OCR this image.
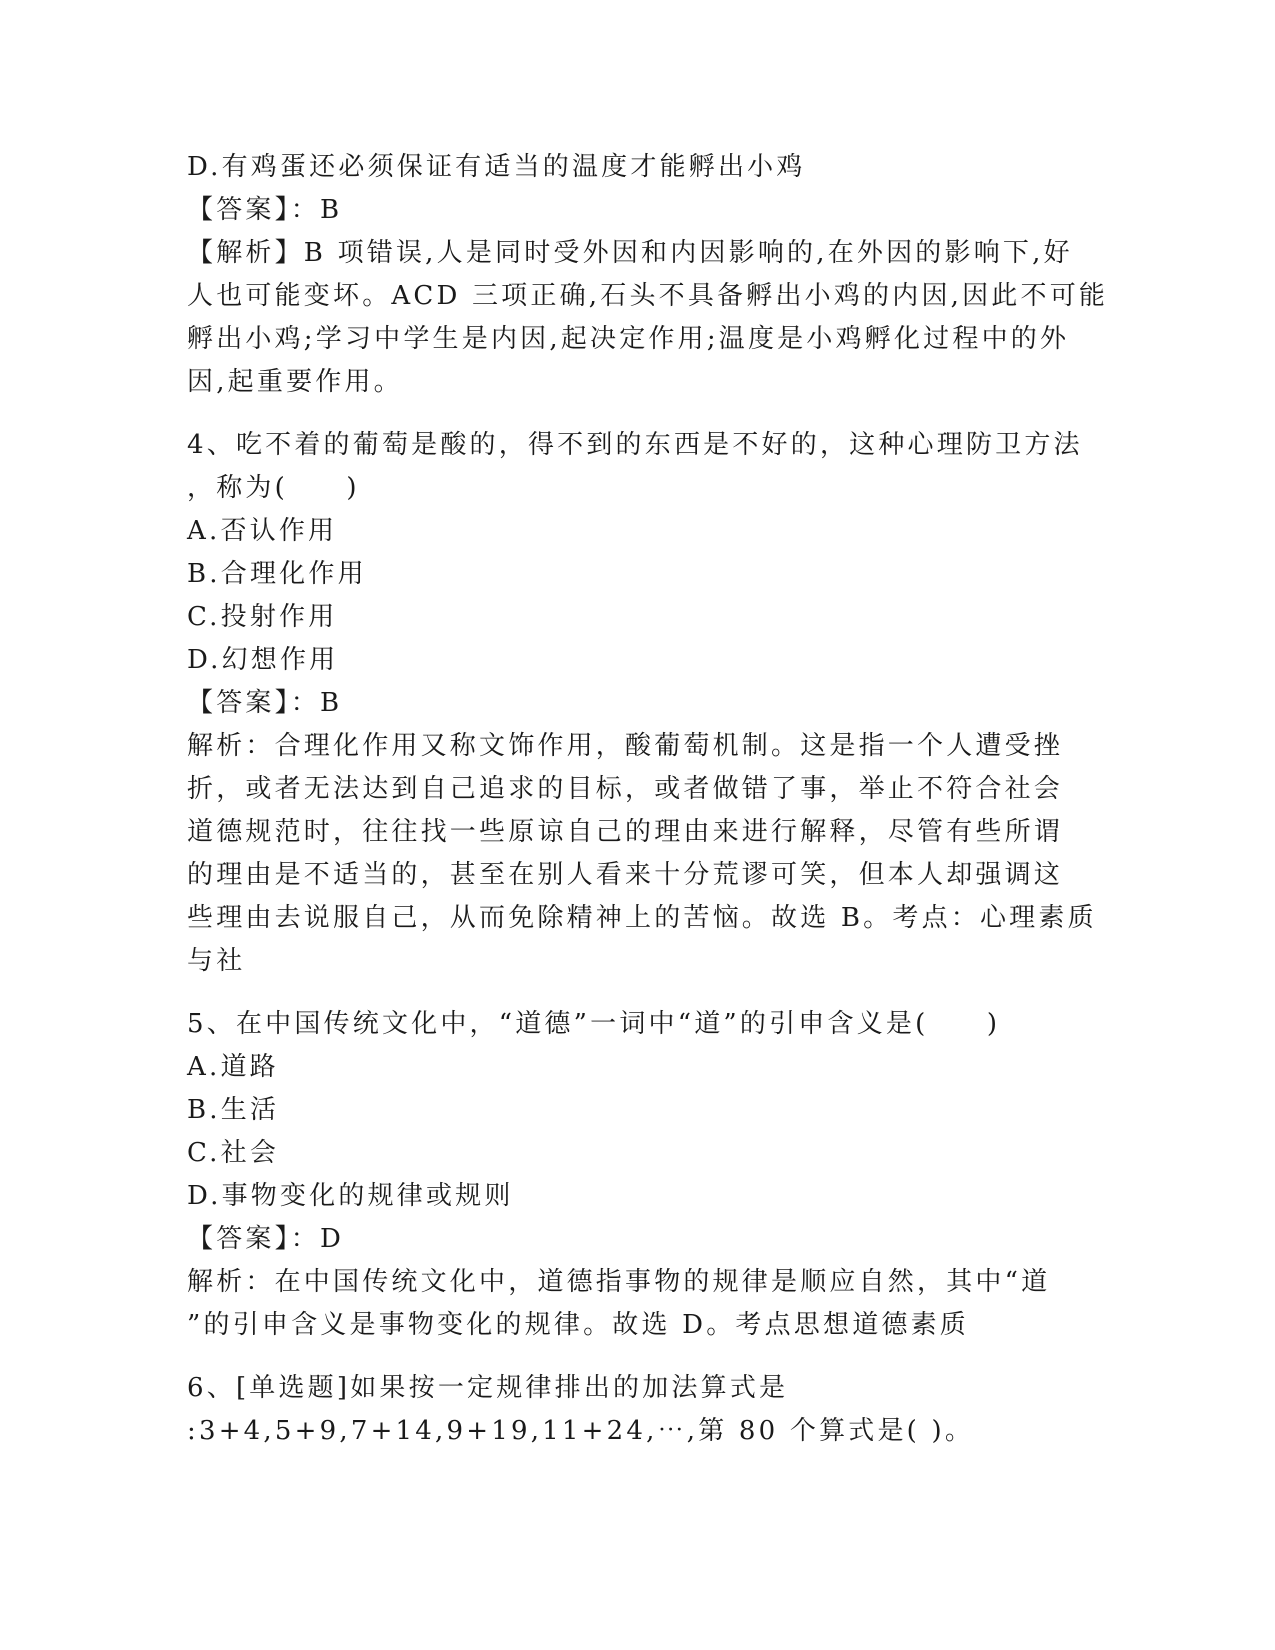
D.有鸡蛋还必须保证有适当的温度才能孵出小鸡
【答案】：B
【解析】B 项错误,人是同时受外因和内因影响的,在外因的影响下,好
人也可能变坏。ACD 三项正确,石头不具备孵出小鸡的内因,因此不可能
孵出小鸡;学习中学生是内因,起决定作用;温度是小鸡孵化过程中的外
因,起重要作用。
4、吃不着的葡萄是酸的，得不到的东西是不好的，这种心理防卫方法
，称为(　　)
A.否认作用
B.合理化作用
C.投射作用
D.幻想作用
【答案】：B
解析：合理化作用又称文饰作用，酸葡萄机制。这是指一个人遭受挫
折，或者无法达到自己追求的目标，或者做错了事，举止不符合社会
道德规范时，往往找一些原谅自己的理由来进行解释，尽管有些所谓
的理由是不适当的，甚至在别人看来十分荒谬可笑，但本人却强调这
些理由去说服自己，从而免除精神上的苦恼。故选 B。考点：心理素质
与社
5、在中国传统文化中，“道德”一词中“道”的引申含义是(　　)
A.道路
B.生活
C.社会
D.事物变化的规律或规则
【答案】：D
解析：在中国传统文化中，道德指事物的规律是顺应自然，其中“道
”的引申含义是事物变化的规律。故选 D。考点思想道德素质
6、[单选题]如果按一定规律排出的加法算式是
:3+4,5+9,7+14,9+19,11+24,⋯,第 80 个算式是( )。
